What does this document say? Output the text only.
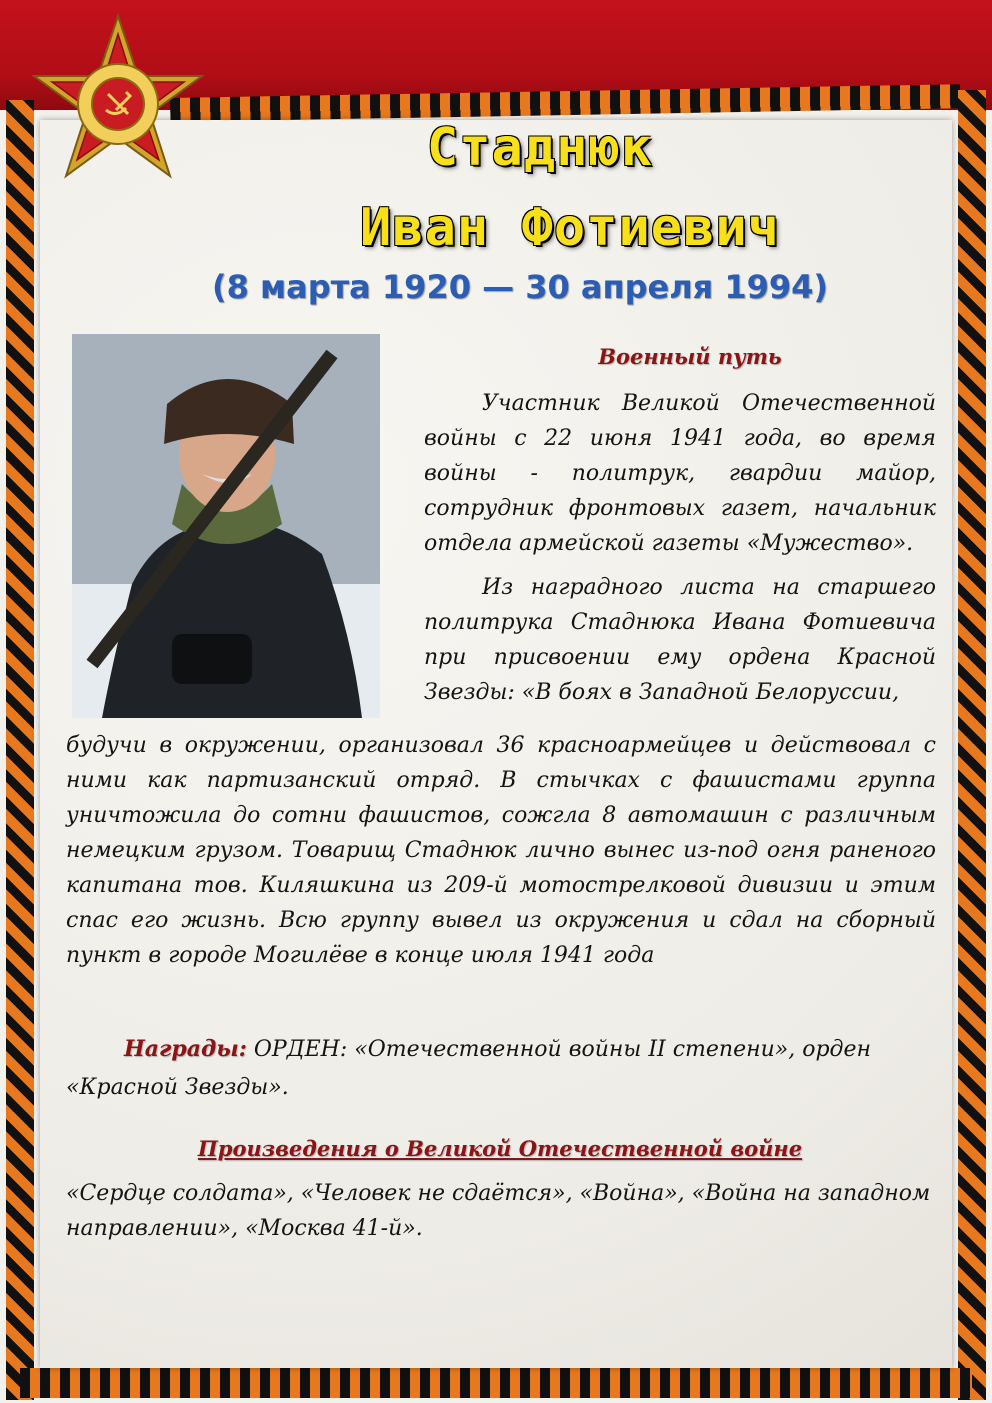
Стаднюк
Иван Фотиевич
(8 марта 1920 — 30 апреля 1994)
Военный путь
Участник Великой Отечественной войны с 22 июня 1941 года, во время войны - политрук, гвардии майор, сотрудник фронтовых газет, начальник отдела армейской газеты «Мужество».
Из наградного листа на старшего политрука Стаднюка Ивана Фотиевича при присвоении ему ордена Красной Звезды: «В боях в Западной Белоруссии,
будучи в окружении, организовал 36 красноармейцев и действовал с ними как партизанский отряд. В стычках с фашистами группа уничтожила до сотни фашистов, сожгла 8 автомашин с различным немецким грузом. Товарищ Стаднюк лично вынес из-под огня раненого капитана тов. Киляшкина из 209-й мотострелковой дивизии и этим спас его жизнь. Всю группу вывел из окружения и сдал на сборный пункт в городе Могилёве в конце июля 1941 года
Награды: ОРДЕН: «Отечественной войны II степени», орден «Красной Звезды».
Произведения о Великой Отечественной войне
«Сердце солдата», «Человек не сдаётся», «Война», «Война на западном направлении», «Москва 41-й».
